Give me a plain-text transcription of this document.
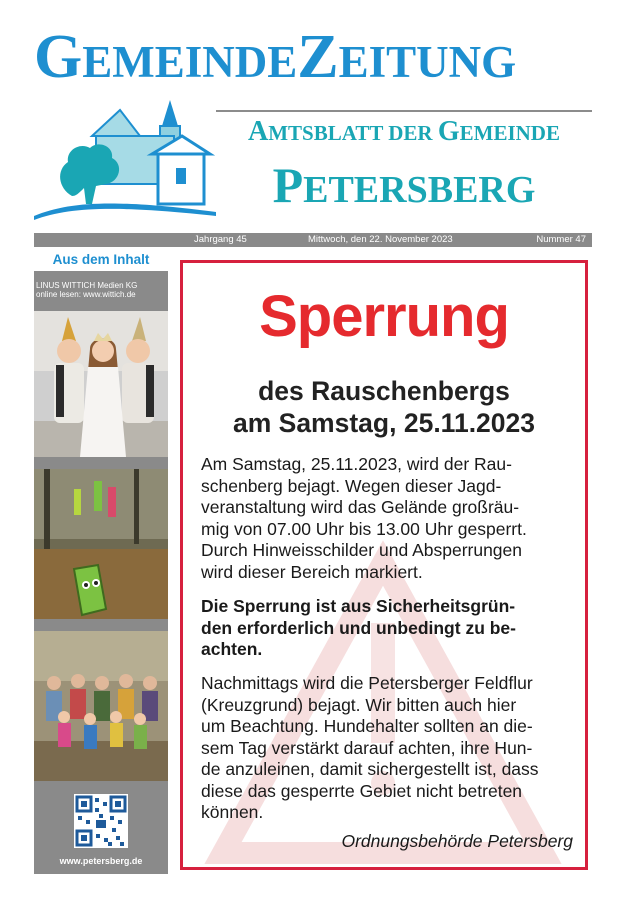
GEMEINDEZEITUNG
AMTSBLATT DER GEMEINDE
PETERSBERG
Jahrgang 45	Mittwoch, den 22. November 2023	Nummer 47
Aus dem Inhalt
LINUS WITTICH Medien KG
online lesen: www.wittich.de
www.petersberg.de
Sperrung
des Rauschenbergs
am Samstag, 25.11.2023
Am Samstag, 25.11.2023, wird der Rau-
schenberg bejagt. Wegen dieser Jagd-
veranstaltung wird das Gelände großräu-
mig von 07.00 Uhr bis 13.00 Uhr gesperrt.
Durch Hinweisschilder und Absperrungen
wird dieser Bereich markiert.
Die Sperrung ist aus Sicherheitsgrün-
den erforderlich und unbedingt zu be-
achten.
Nachmittags wird die Petersberger Feldflur
(Kreuzgrund) bejagt. Wir bitten auch hier
um Beachtung. Hundehalter sollten an die-
sem Tag verstärkt darauf achten, ihre Hun-
de anzuleinen, damit sichergestellt ist, dass
diese das gesperrte Gebiet nicht betreten
können.
Ordnungsbehörde Petersberg
